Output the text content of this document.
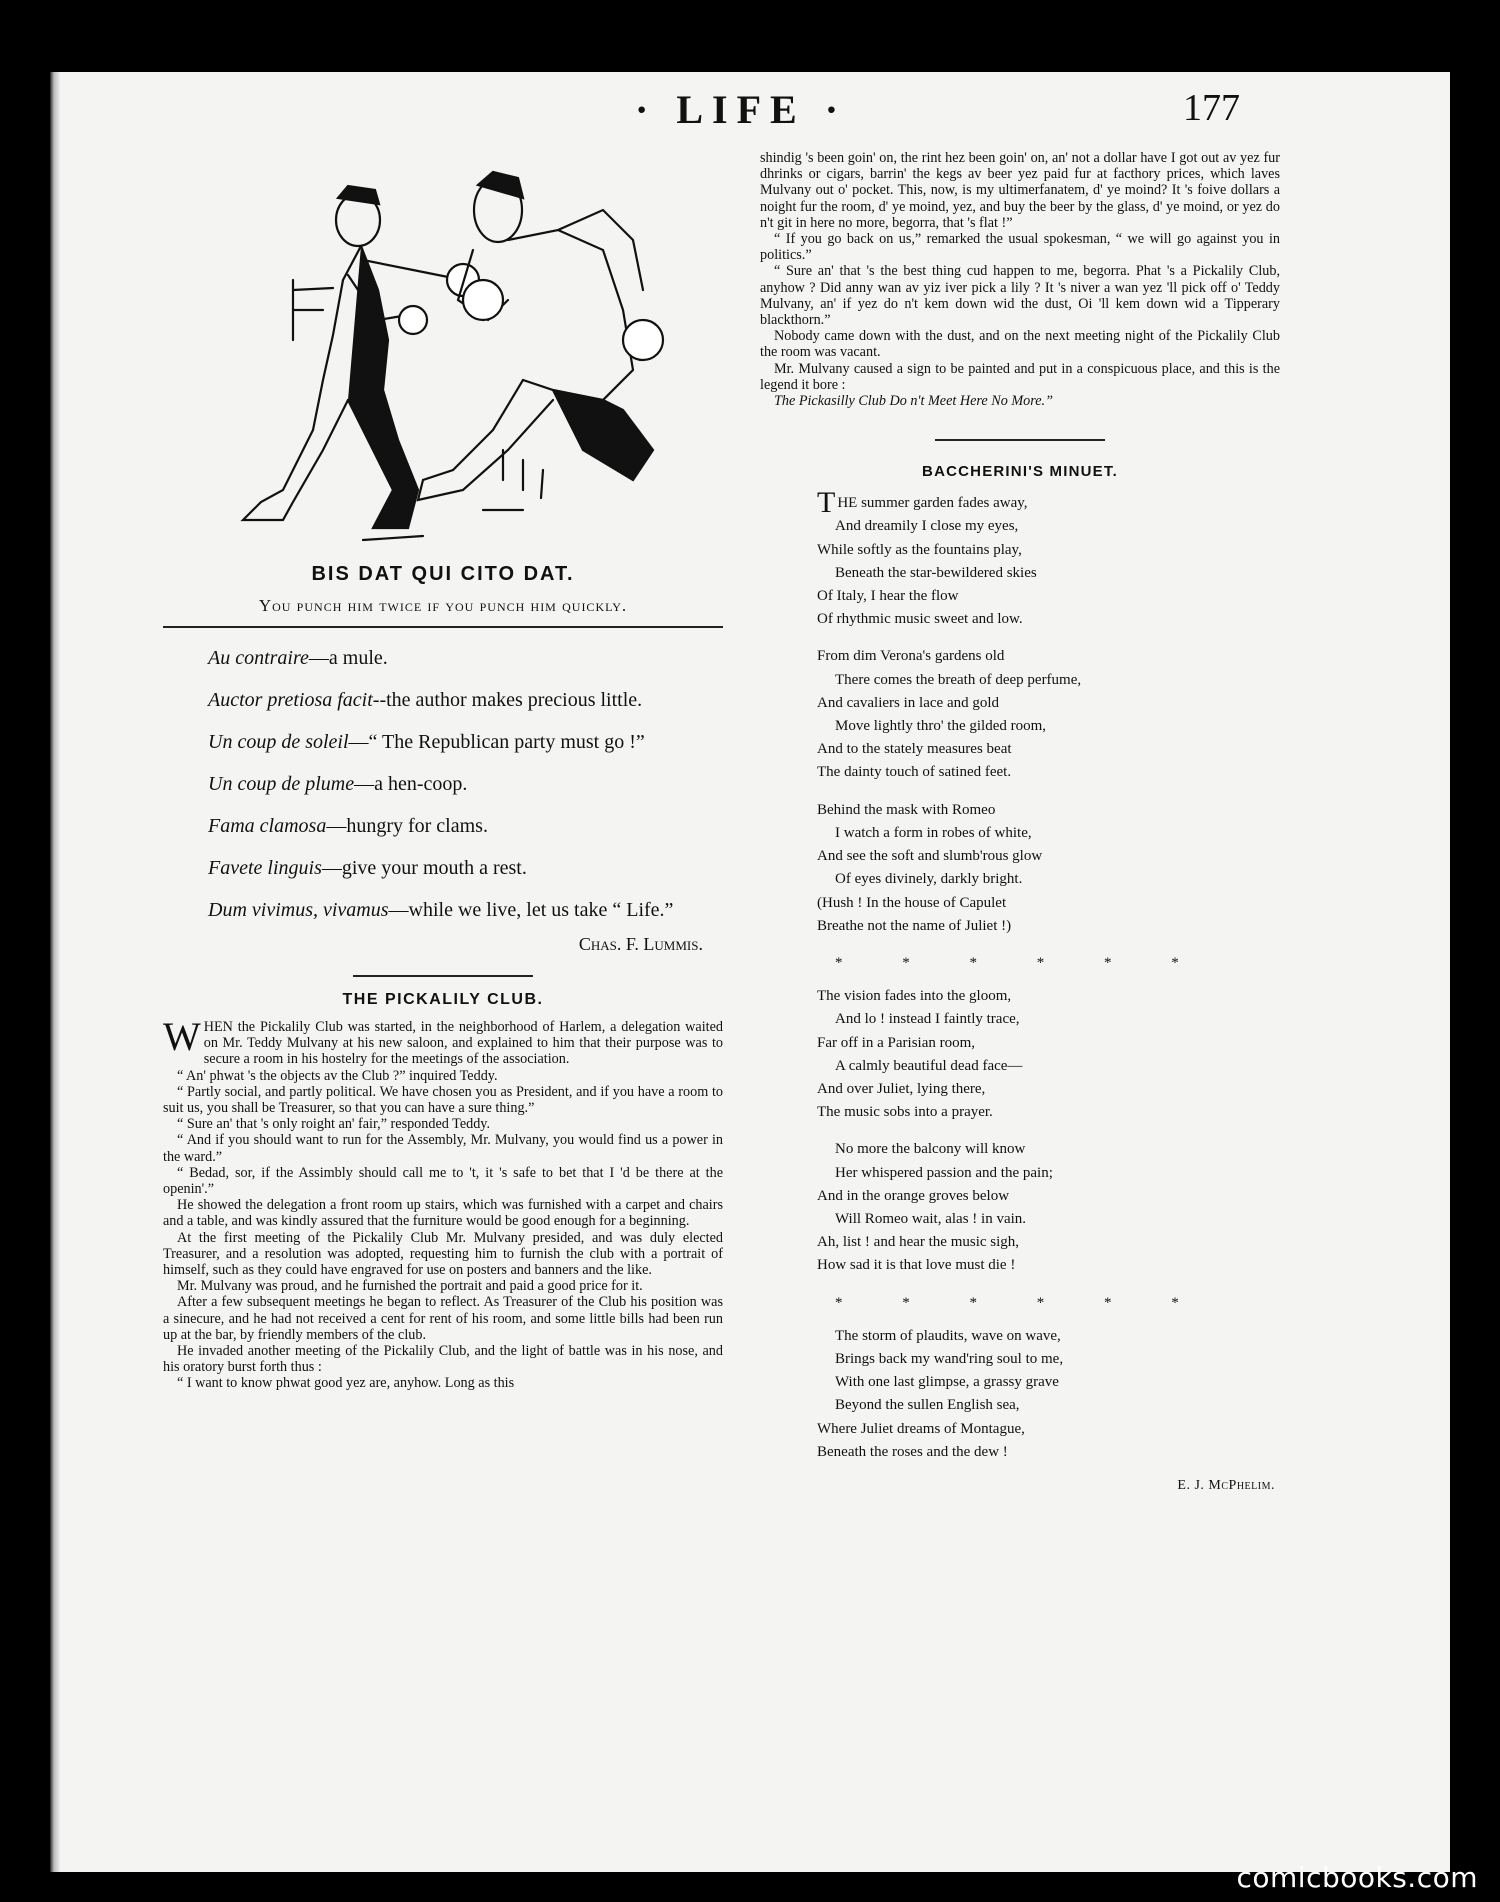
· LIFE ·	177
BIS DAT QUI CITO DAT.
You punch him twice if you punch him quickly.
Au contraire—a mule.
Auctor pretiosa facit--the author makes precious little.
Un coup de soleil—“ The Republican party must go !”
Un coup de plume—a hen-coop.
Fama clamosa—hungry for clams.
Favete linguis—give your mouth a rest.
Dum vivimus, vivamus—while we live, let us take “ Life.”
Chas. F. Lummis.
THE PICKALILY CLUB.

WHEN the Pickalily Club was started, in the neighborhood of Harlem, a delegation waited on Mr. Teddy Mulvany at his new saloon, and explained to him that their purpose was to secure a room in his hostelry for the meetings of the association.

“ An' phwat 's the objects av the Club ?” inquired Teddy.

“ Partly social, and partly political. We have chosen you as President, and if you have a room to suit us, you shall be Treasurer, so that you can have a sure thing.”

“ Sure an' that 's only roight an' fair,” responded Teddy.

“ And if you should want to run for the Assembly, Mr. Mulvany, you would find us a power in the ward.”

“ Bedad, sor, if the Assimbly should call me to 't, it 's safe to bet that I 'd be there at the openin'.”

He showed the delegation a front room up stairs, which was furnished with a carpet and chairs and a table, and was kindly assured that the furniture would be good enough for a beginning.

At the first meeting of the Pickalily Club Mr. Mulvany presided, and was duly elected Treasurer, and a resolution was adopted, requesting him to furnish the club with a portrait of himself, such as they could have engraved for use on posters and banners and the like.

Mr. Mulvany was proud, and he furnished the portrait and paid a good price for it.

After a few subsequent meetings he began to reflect. As Treasurer of the Club his position was a sinecure, and he had not received a cent for rent of his room, and some little bills had been run up at the bar, by friendly members of the club.

He invaded another meeting of the Pickalily Club, and the light of battle was in his nose, and his oratory burst forth thus :

“ I want to know phwat good yez are, anyhow. Long as this

shindig 's been goin' on, the rint hez been goin' on, an' not a dollar have I got out av yez fur dhrinks or cigars, barrin' the kegs av beer yez paid fur at facthory prices, which laves Mulvany out o' pocket. This, now, is my ultimerfanatem, d' ye moind? It 's foive dollars a noight fur the room, d' ye moind, yez, and buy the beer by the glass, d' ye moind, or yez do n't git in here no more, begorra, that 's flat !”

“ If you go back on us,” remarked the usual spokesman, “ we will go against you in politics.”

“ Sure an' that 's the best thing cud happen to me, begorra. Phat 's a Pickalily Club, anyhow ? Did anny wan av yiz iver pick a lily ? It 's niver a wan yez 'll pick off o' Teddy Mulvany, an' if yez do n't kem down wid the dust, Oi 'll kem down wid a Tipperary blackthorn.”

Nobody came down with the dust, and on the next meeting night of the Pickalily Club the room was vacant.

Mr. Mulvany caused a sign to be painted and put in a conspicuous place, and this is the legend it bore :

The Pickasilly Club Do n't Meet Here No More.”
BACCHERINI'S MINUET.
THE summer garden fades away,
And dreamily I close my eyes,
While softly as the fountains play,
Beneath the star-bewildered skies
Of Italy, I hear the flow
Of rhythmic music sweet and low.
From dim Verona's gardens old
There comes the breath of deep perfume,
And cavaliers in lace and gold
Move lightly thro' the gilded room,
And to the stately measures beat
The dainty touch of satined feet.
Behind the mask with Romeo
I watch a form in robes of white,
And see the soft and slumb'rous glow
Of eyes divinely, darkly bright.
(Hush ! In the house of Capulet
Breathe not the name of Juliet !)
* * * * * *
The vision fades into the gloom,
And lo ! instead I faintly trace,
Far off in a Parisian room,
A calmly beautiful dead face—
And over Juliet, lying there,
The music sobs into a prayer.
No more the balcony will know
Her whispered passion and the pain;
And in the orange groves below
Will Romeo wait, alas ! in vain.
Ah, list ! and hear the music sigh,
How sad it is that love must die !
* * * * * *
The storm of plaudits, wave on wave,
Brings back my wand'ring soul to me,
With one last glimpse, a grassy grave
Beyond the sullen English sea,
Where Juliet dreams of Montague,
Beneath the roses and the dew !
E. J. McPhelim.
comicbooks.com
